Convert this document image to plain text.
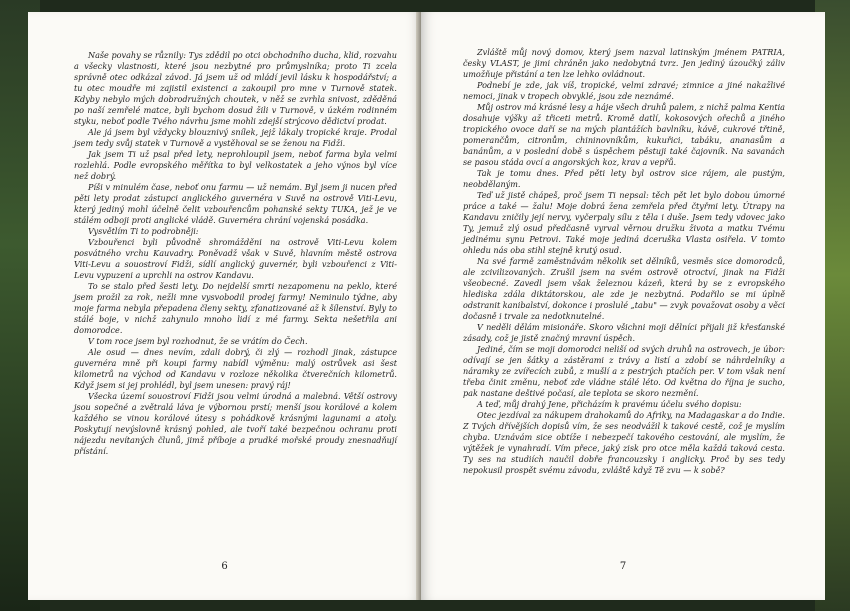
Naše povahy se různily: Tys zdědil po otci obchodního ducha, klid, rozvahu a všecky vlastnosti, které jsou nezbytné pro průmyslníka; proto Ti zcela správně otec odkázal závod. Já jsem už od mládí jevil lásku k hospodářství; a tu otec moudře mi zajistil existenci a zakoupil pro mne v Turnově statek. Kdyby nebylo mých dobrodružných choutek, v něž se zvrhla snivost, zděděná po naší zemřelé matce, byli bychom dosud žili v Turnově, v úzkém rodinném styku, neboť podle Tvého návrhu jsme mohli zdejší strýcovo dědictví prodat.

Ale já jsem byl vždycky blouznivý snílek, jejž lákaly tropické kraje. Prodal jsem tedy svůj statek v Turnově a vystěhoval se se ženou na Fidži.

Jak jsem Ti už psal před lety, neprohloupil jsem, neboť farma byla velmi rozlehlá. Podle evropského měřítka to byl velkostatek a jeho výnos byl více než dobrý.

Píši v minulém čase, neboť onu farmu — už nemám. Byl jsem ji nucen před pěti lety prodat zástupci anglického guvernéra v Suvě na ostrově Viti-Levu, který jediný mohl účelně čelit vzbouřencům pohanské sekty TUKA, jež je ve stálém odboji proti anglické vládě. Guvernéra chrání vojenská posádka.

Vysvětlím Ti to podrobněji:

Vzbouřenci byli původně shromážděni na ostrově Viti-Levu kolem posvátného vrchu Kauvadry. Poněvadž však v Suvě, hlavním městě ostrova Viti-Levu a souostroví Fidži, sídlí anglický guvernér, byli vzbouřenci z Viti-Levu vypuzeni a uprchli na ostrov Kandavu.

To se stalo před šesti lety. Do nejdelší smrti nezapomenu na peklo, které jsem prožil za rok, nežli mne vysvobodil prodej farmy! Neminulo týdne, aby moje farma nebyla přepadena členy sekty, zfanatizované až k šílenství. Byly to stálé boje, v nichž zahynulo mnoho lidí z mé farmy. Sekta nešetřila ani domorodce.

V tom roce jsem byl rozhodnut, že se vrátím do Čech.

Ale osud — dnes nevím, zdali dobrý, či zlý — rozhodl jinak, zástupce guvernéra mně při koupi farmy nabídl výměnu: malý ostrůvek asi šest kilometrů na východ od Kandavu v rozloze několika čtverečních kilometrů. Když jsem si jej prohlédl, byl jsem unesen: pravý ráj!

Všecka území souostroví Fidži jsou velmi úrodná a malebná. Větší ostrovy jsou sopečné a zvětralá láva je výbornou prstí; menší jsou korálové a kolem každého se vinou korálové útesy s pohádkově krásnými lagunami a atoly. Poskytují nevýslovně krásný pohled, ale tvoří také bezpečnou ochranu proti nájezdu nevítaných člunů, jimž příboje a prudké mořské proudy znesnadňují přístání.

6

Zvláště můj nový domov, který jsem nazval latinským jménem PATRIA, česky VLAST, je jimi chráněn jako nedobytná tvrz. Jen jediný úzoučký záliv umožňuje přistání a ten lze lehko ovládnout.

Podnebí je zde, jak víš, tropické, velmi zdravé; zimnice a jiné nakažlivé nemoci, jinak v tropech obvyklé, jsou zde neznámé.

Můj ostrov má krásné lesy a háje všech druhů palem, z nichž palma Kentia dosahuje výšky až třiceti metrů. Kromě datlí, kokosových ořechů a jiného tropického ovoce daří se na mých plantážích bavlníku, kávě, cukrové třtině, pomerančům, citronům, chininovníkům, kukuřici, tabáku, ananasům a banánům, a v poslední době s úspěchem pěstuji také čajovník. Na savanách se pasou stáda ovcí a angorských koz, krav a vepřů.

Tak je tomu dnes. Před pěti lety byl ostrov sice rájem, ale pustým, neobdělaným.

Teď už jistě chápeš, proč jsem Ti nepsal: těch pět let bylo dobou úmorné práce a také — žalu! Moje dobrá žena zemřela před čtyřmi lety. Útrapy na Kandavu zničily její nervy, vyčerpaly sílu z těla i duše. Jsem tedy vdovec jako Ty, jemuž zlý osud předčasně vyrval věrnou družku života a matku Tvému jedinému synu Petrovi. Také moje jediná dceruška Vlasta osiřela. V tomto ohledu nás oba stihl stejně krutý osud.

Na své farmě zaměstnávám několik set dělníků, vesměs sice domorodců, ale zcivilizovaných. Zrušil jsem na svém ostrově otroctví, jinak na Fidži všeobecné. Zavedl jsem však železnou kázeň, která by se z evropského hlediska zdála diktátorskou, ale zde je nezbytná. Podařilo se mi úplně odstranit kanibalství, dokonce i proslulé „tabu" — zvyk považovat osoby a věci dočasně i trvale za nedotknutelné.

V neděli dělám misionáře. Skoro všichni moji dělníci přijali již křesťanské zásady, což je jistě značný mravní úspěch.

Jediné, čím se moji domorodci neliší od svých druhů na ostrovech, je úbor: odívají se jen šátky a zástěrami z trávy a listí a zdobí se náhrdelníky a náramky ze zvířecích zubů, z mušlí a z pestrých ptačích per. V tom však není třeba činit změnu, neboť zde vládne stálé léto. Od května do října je sucho, pak nastane deštivé počasí, ale teplota se skoro nezmění.

A teď, můj drahý Jene, přicházím k pravému účelu svého dopisu:

Otec jezdíval za nákupem drahokamů do Afriky, na Madagaskar a do Indie. Z Tvých dřívějších dopisů vím, že ses neodvážil k takové cestě, což je myslím chyba. Uznávám sice obtíže i nebezpečí takového cestování, ale myslím, že výtěžek je vynahradí. Vím přece, jaký zisk pro otce měla každá taková cesta. Ty ses na studiích naučil dobře francouzsky i anglicky. Proč by ses tedy nepokusil prospět svému závodu, zvláště když Tě zvu — k sobě?

7
